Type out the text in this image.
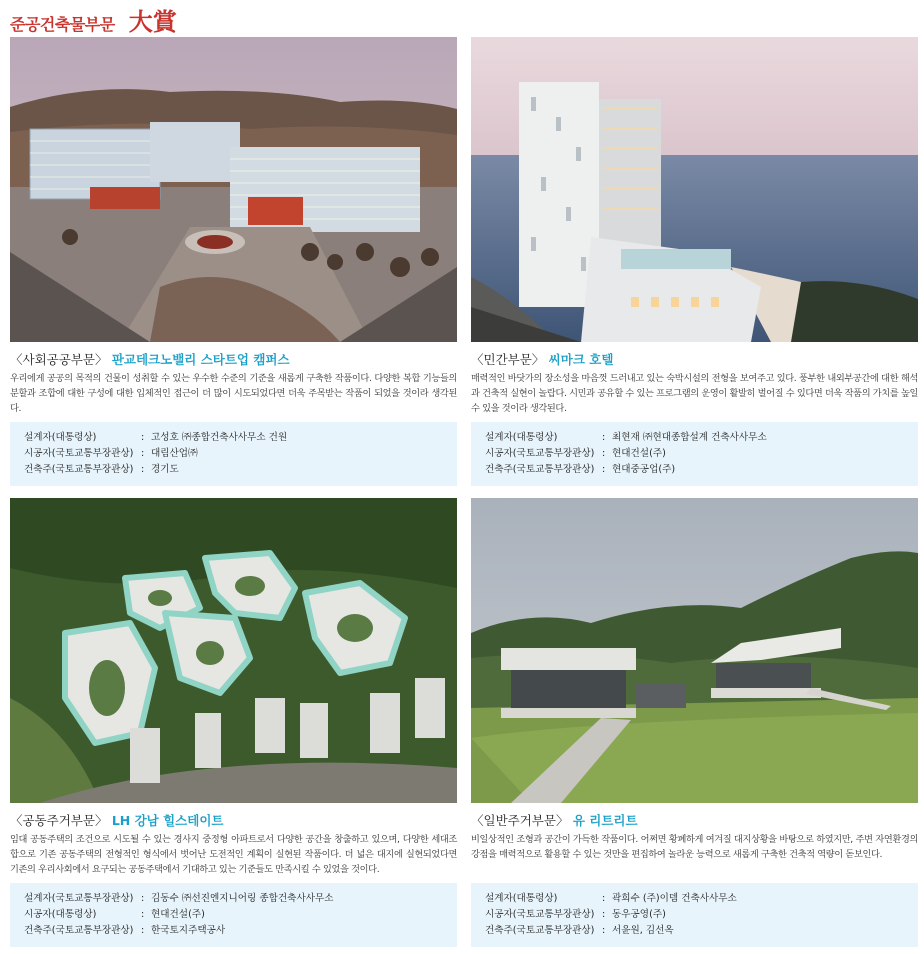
준공건축물부문 大賞
〈사회공공부문〉 판교테크노밸리 스타트업 캠퍼스

우리에게 공공의 목적의 건물이 성취할 수 있는 우수한 수준의 기준을 새롭게 구축한 작품이다. 다양한 복합 기능들의 분할과 조합에 대한 구성에 대한 입체적인 접근이 더 많이 시도되었다면 더욱 주목받는 작품이 되었을 것이라 생각된다.

설계자(대통령상)	: 고성호 ㈜종합건축사사무소 건원
시공자(국토교통부장관상) : 대림산업㈜
건축주(국토교통부장관상) : 경기도
〈민간부문〉 씨마크 호텔

매력적인 바닷가의 장소성을 마음껏 드러내고 있는 숙박시설의 전형을 보여주고 있다. 풍부한 내외부공간에 대한 해석과 건축적 실현이 놀랍다. 시민과 공유할 수 있는 프로그램의 운영이 활발히 벌어질 수 있다면 더욱 작품의 가치를 높일 수 있을 것이라 생각된다.

설계자(대통령상)	: 최현재 ㈜현대종합설계 건축사사무소
시공자(국토교통부장관상) : 현대건설(주)
건축주(국토교통부장관상) : 현대중공업(주)
〈공동주거부문〉 LH 강남 힐스테이트

임대 공동주택의 조건으로 시도될 수 있는 경사지 중정형 아파트로서 다양한 공간을 창출하고 있으며, 다양한 세대조합으로 기존 공동주택의 전형적인 형식에서 벗어난 도전적인 계획이 실현된 작품이다. 더 넓은 대지에 실현되었다면 기존의 우리사회에서 요구되는 공동주택에서 기대하고 있는 기준들도 만족시킬 수 있었을 것이다.

설계자(국토교통부장관상) : 김동수 ㈜선진엔지니어링 종합건축사사무소
시공자(대통령상)	: 현대건설(주)
건축주(국토교통부장관상) : 한국토지주택공사
〈일반주거부문〉 유 리트리트

비일상적인 조형과 공간이 가득한 작품이다. 어쩌면 황폐하게 여겨질 대지상황을 바탕으로 하였지만, 주변 자연환경의 강점을 매력적으로 활용할 수 있는 것만을 편집하여 놀라운 능력으로 새롭게 구축한 건축적 역량이 돋보인다.

설계자(대통령상)	: 곽희수 (주)이뎀 건축사사무소
시공자(국토교통부장관상) : 동우공영(주)
건축주(국토교통부장관상) : 서윤원, 김선옥
